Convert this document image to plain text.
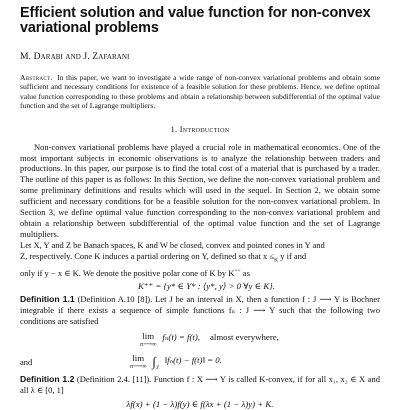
Efficient solution and value function for non-convex
variational problems
M. Darabi and J. Zafarani
Abstract. In this paper, we want to investigate a wide range of non-convex variational problems and obtain some sufficient and necessary conditions for existence of a feasible solution for these problems. Hence, we define optimal value function corresponding to these problems and obtain a relationship between subdifferential of the optimal value function and the set of Lagrange multipliers.
1. Introduction
Non-convex variational problems have played a crucial role in mathematical economics. One of the most important subjects in economic observations is to analyze the relationship between traders and productions. In this paper, our purpose is to find the total cost of a material that is purchased by a trader. The outline of this paper is as follows: In this Section, we define the non-convex variational problem and some preliminary definitions and results which will used in the sequel. In Section 2, we obtain some sufficient and necessary conditions for be a feasible solution for the non-convex variational problem. In Section 3, we define optimal value function corresponding to the non-convex variational problem and obtain a relationship between subdifferential of the optimal value function and the set of Lagrange multipliers.
Let X, Y and Z be Banach spaces, K and W be closed, convex and pointed cones in Y and
Z, respectively. Cone K induces a partial ordering on Y, defined so that $x \le_K$ y if and
only if y − x ∈ K. We denote the positive polar cone of K by K++ as
K⁺⁺ = {y* ∈ Y* : ⟨y*, y⟩ > 0 ∀y ∈ K}.
Definition 1.1 (Definition A.10 [8]). Let J be an interval in X, then a function f : J ⟶ Y is Bochner integrable if there exists a sequence of simple functions fₙ : J ⟶ Y such that the following two conditions are satisfied
lim
n⟶∞
fₙ(t) = f(t), almost everywhere,
and	lim
n⟶∞ ∫J
‖fₙ(t) − f(t)‖ = 0.
Definition 1.2 (Definition 2.4. [11]). Function f : X ⟶ Y is called K-convex, if for all x₁, x₂ ∈ X and all λ ∈ [0, 1]
λf(x) + (1 − λ)f(y) ∈ f(λx + (1 − λ)y) + K.
